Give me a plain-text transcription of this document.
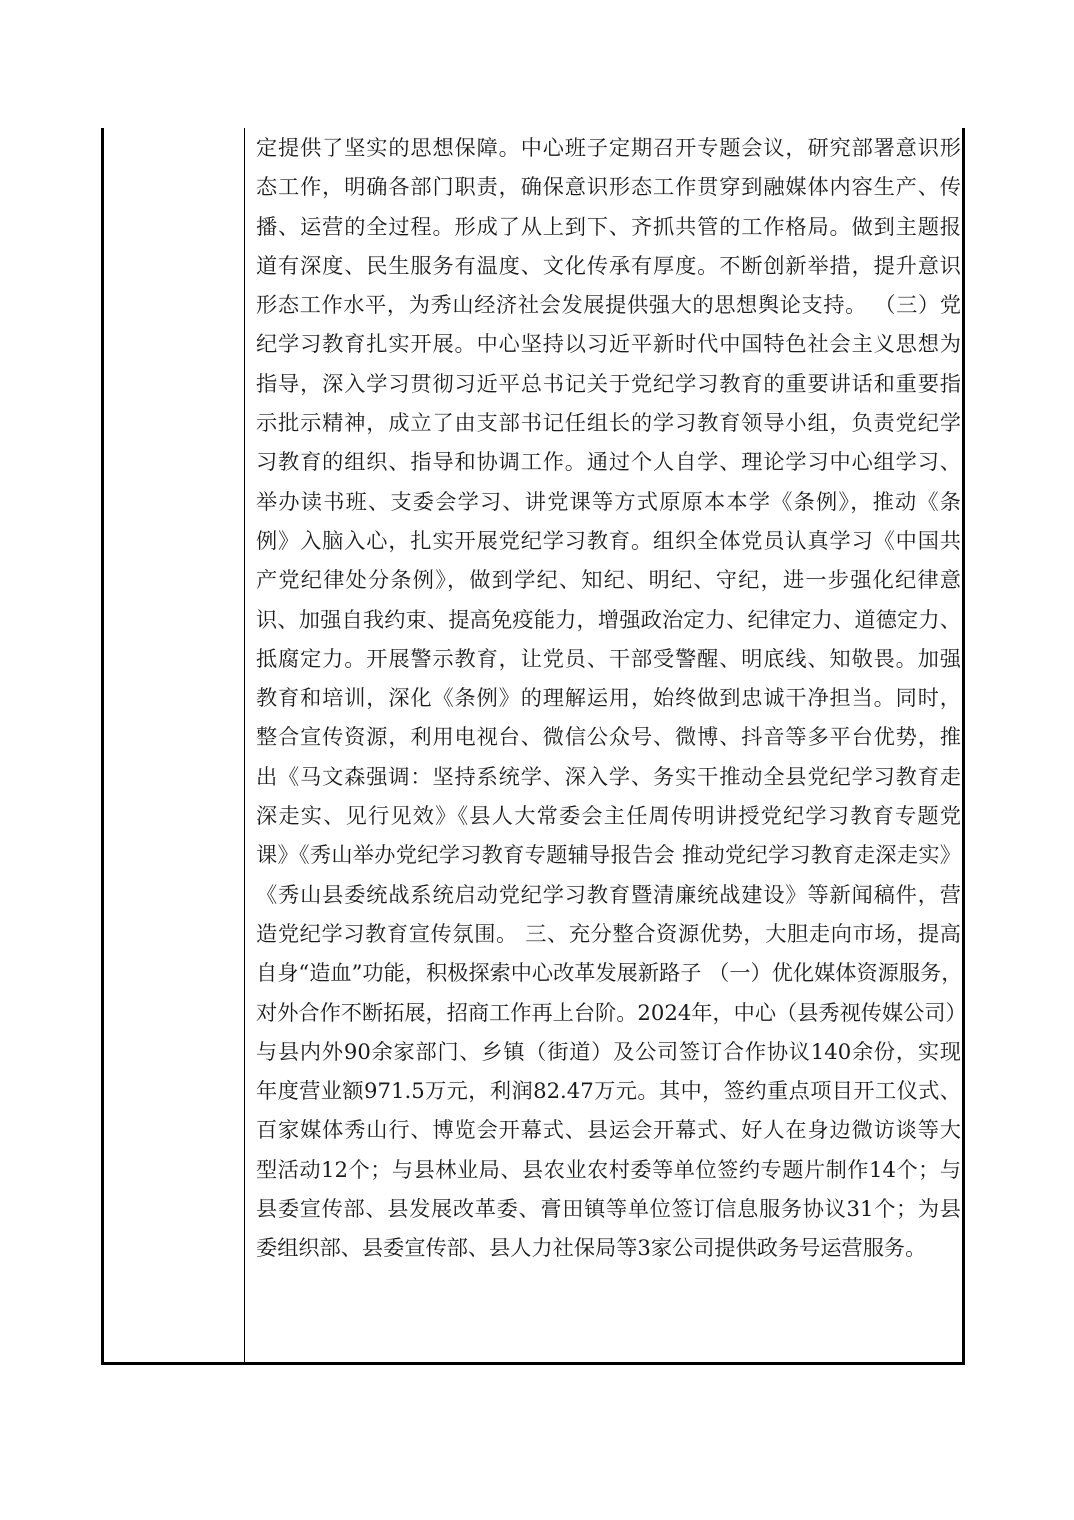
定提供了坚实的思想保障。中心班子定期召开专题会议，研究部署意识形
态工作，明确各部门职责，确保意识形态工作贯穿到融媒体内容生产、传
播、运营的全过程。形成了从上到下、齐抓共管的工作格局。做到主题报
道有深度、民生服务有温度、文化传承有厚度。不断创新举措，提升意识
形态工作水平，为秀山经济社会发展提供强大的思想舆论支持。 （三）党
纪学习教育扎实开展。中心坚持以习近平新时代中国特色社会主义思想为
指导，深入学习贯彻习近平总书记关于党纪学习教育的重要讲话和重要指
示批示精神，成立了由支部书记任组长的学习教育领导小组，负责党纪学
习教育的组织、指导和协调工作。通过个人自学、理论学习中心组学习、
举办读书班、支委会学习、讲党课等方式原原本本学《条例》，推动《条
例》入脑入心，扎实开展党纪学习教育。组织全体党员认真学习《中国共
产党纪律处分条例》，做到学纪、知纪、明纪、守纪，进一步强化纪律意
识、加强自我约束、提高免疫能力，增强政治定力、纪律定力、道德定力、
抵腐定力。开展警示教育，让党员、干部受警醒、明底线、知敬畏。加强
教育和培训，深化《条例》的理解运用，始终做到忠诚干净担当。同时，
整合宣传资源，利用电视台、微信公众号、微博、抖音等多平台优势，推
出《马文森强调：坚持系统学、深入学、务实干推动全县党纪学习教育走
深走实、见行见效》《县人大常委会主任周传明讲授党纪学习教育专题党
课》《秀山举办党纪学习教育专题辅导报告会 推动党纪学习教育走深走实》
《秀山县委统战系统启动党纪学习教育暨清廉统战建设》等新闻稿件，营
造党纪学习教育宣传氛围。 三、充分整合资源优势，大胆走向市场，提高
自身“造血”功能，积极探索中心改革发展新路子 （一）优化媒体资源服务，
对外合作不断拓展，招商工作再上台阶。2024年，中心（县秀视传媒公司）
与县内外90余家部门、乡镇（街道）及公司签订合作协议140余份，实现
年度营业额971.5万元，利润82.47万元。其中，签约重点项目开工仪式、
百家媒体秀山行、博览会开幕式、县运会开幕式、好人在身边微访谈等大
型活动12个；与县林业局、县农业农村委等单位签约专题片制作14个；与
县委宣传部、县发展改革委、膏田镇等单位签订信息服务协议31个；为县
委组织部、县委宣传部、县人力社保局等3家公司提供政务号运营服务。
